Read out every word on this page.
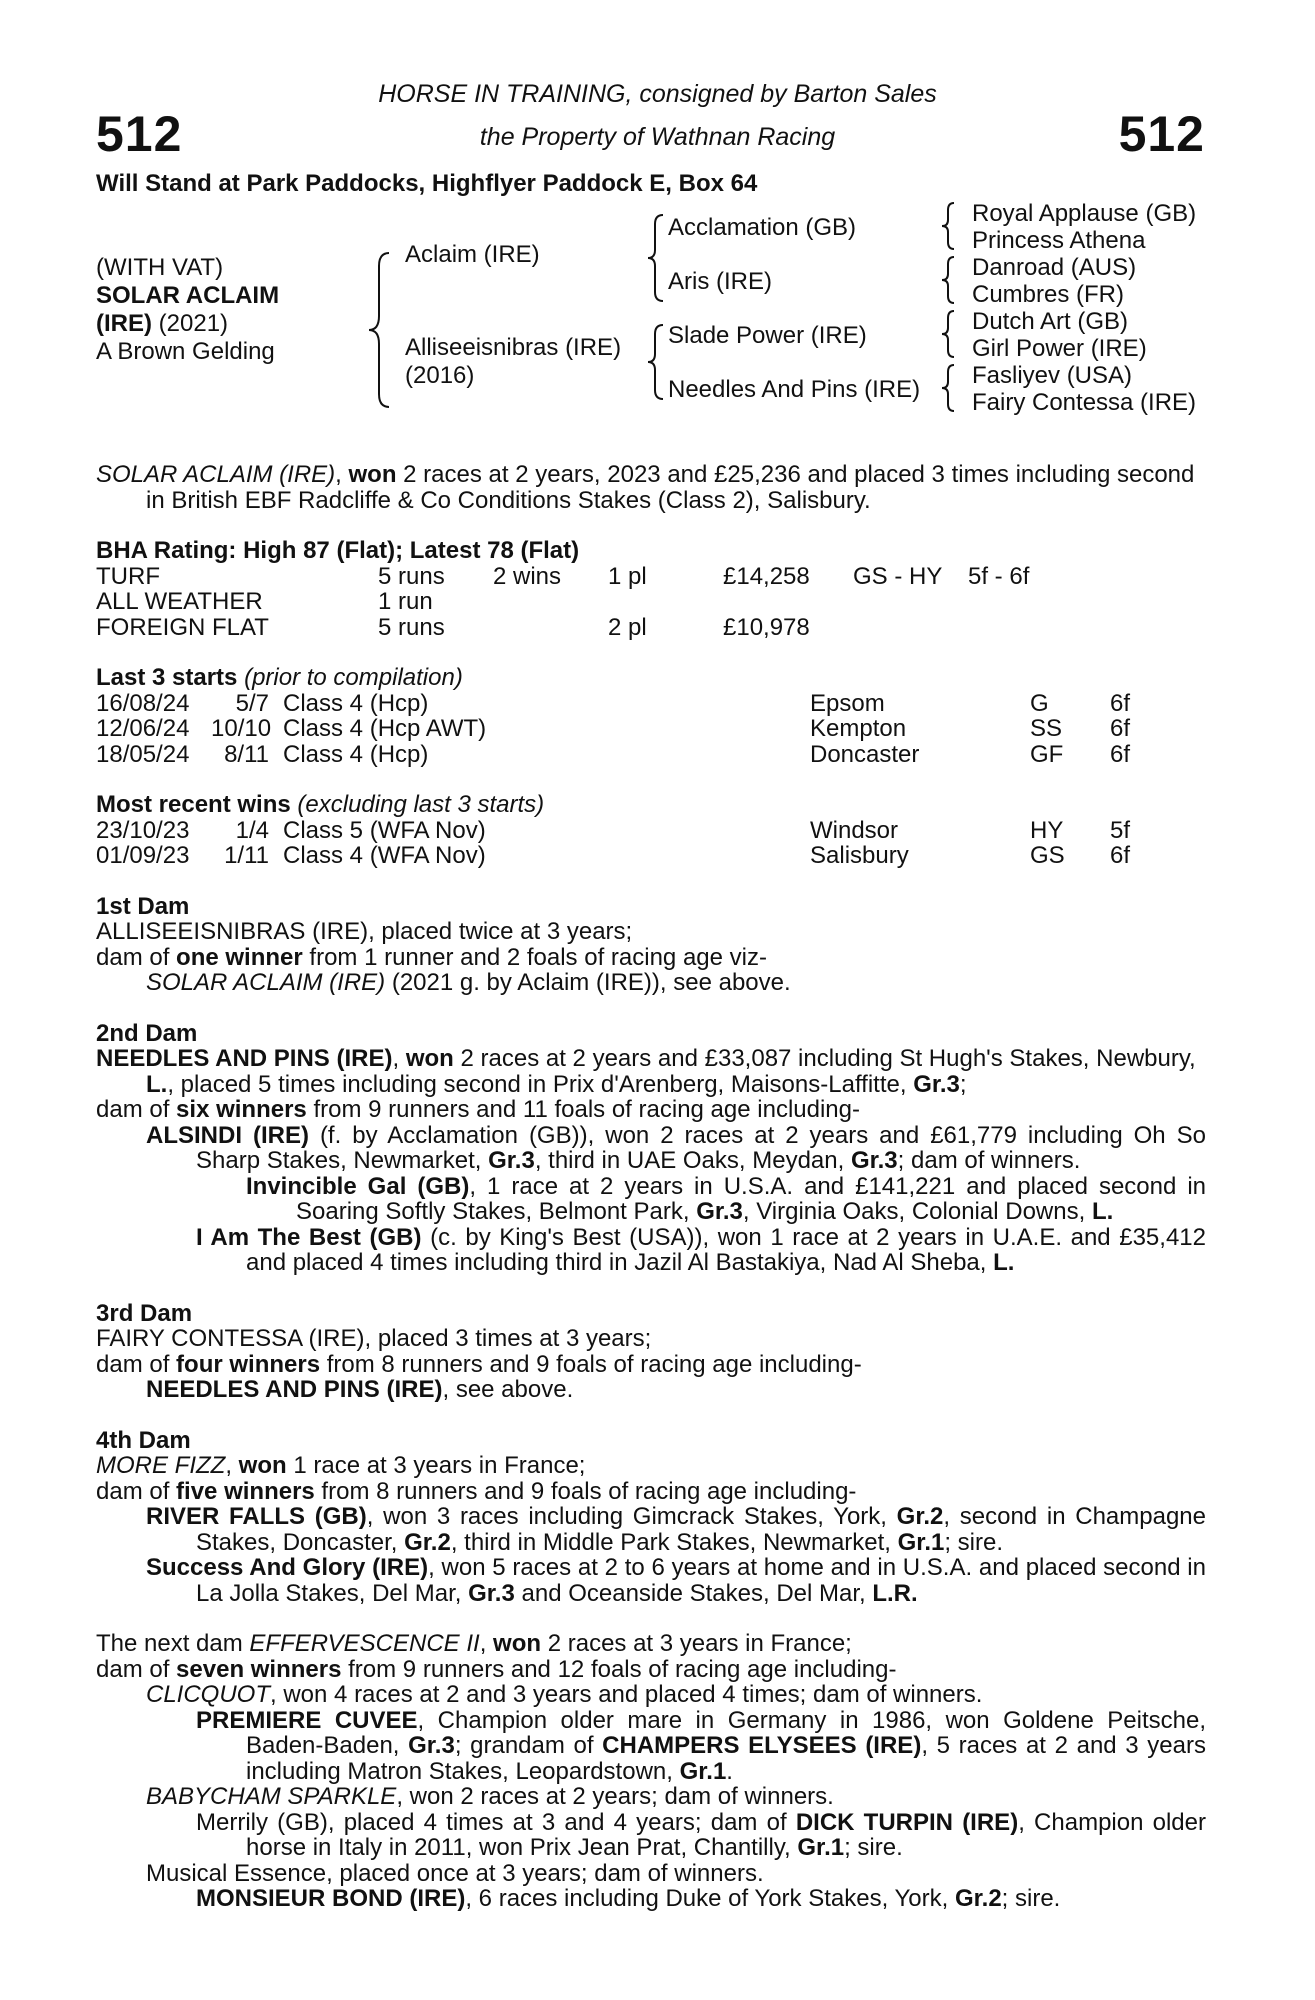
512	512
HORSE IN TRAINING, consigned by Barton Sales
the Property of Wathnan Racing
Will Stand at Park Paddocks, Highflyer Paddock E, Box 64
(WITH VAT)
SOLAR ACLAIM
(IRE) (2021)
A Brown Gelding
Aclaim (IRE)
Alliseeisnibras (IRE)
(2016)
Acclamation (GB)
Aris (IRE)
Slade Power (IRE)
Needles And Pins (IRE)
Royal Applause (GB)
Princess Athena
Danroad (AUS)
Cumbres (FR)
Dutch Art (GB)
Girl Power (IRE)
Fasliyev (USA)
Fairy Contessa (IRE)

SOLAR ACLAIM (IRE), won 2 races at 2 years, 2023 and £25,236 and placed 3 times including second in British EBF Radcliffe & Co Conditions Stakes (Class 2), Salisbury.

BHA Rating: High 87 (Flat); Latest 78 (Flat)

TURF	5 runs	2 wins	1 pl	£14,258	GS - HY	5f - 6f
ALL WEATHER	1 run
FOREIGN FLAT	5 runs	2 pl	£10,978

Last 3 starts (prior to compilation)

16/08/24	5/7 Class 4 (Hcp)	Epsom	G	6f
12/06/24 10/10 Class 4 (Hcp AWT)	Kempton	SS	6f
18/05/24	8/11 Class 4 (Hcp)	Doncaster	GF	6f

Most recent wins (excluding last 3 starts)

23/10/23	1/4 Class 5 (WFA Nov)	Windsor	HY	5f
01/09/23	1/11 Class 4 (WFA Nov)	Salisbury	GS	6f

1st Dam

ALLISEEISNIBRAS (IRE), placed twice at 3 years;

dam of one winner from 1 runner and 2 foals of racing age viz-

SOLAR ACLAIM (IRE) (2021 g. by Aclaim (IRE)), see above.

2nd Dam

NEEDLES AND PINS (IRE), won 2 races at 2 years and £33,087 including St Hugh's Stakes, Newbury, L., placed 5 times including second in Prix d'Arenberg, Maisons-Laffitte, Gr.3;

dam of six winners from 9 runners and 11 foals of racing age including-

ALSINDI (IRE) (f. by Acclamation (GB)), won 2 races at 2 years and £61,779 including Oh So Sharp Stakes, Newmarket, Gr.3, third in UAE Oaks, Meydan, Gr.3; dam of winners.

Invincible Gal (GB), 1 race at 2 years in U.S.A. and £141,221 and placed second in Soaring Softly Stakes, Belmont Park, Gr.3, Virginia Oaks, Colonial Downs, L.

I Am The Best (GB) (c. by King's Best (USA)), won 1 race at 2 years in U.A.E. and £35,412 and placed 4 times including third in Jazil Al Bastakiya, Nad Al Sheba, L.

3rd Dam

FAIRY CONTESSA (IRE), placed 3 times at 3 years;

dam of four winners from 8 runners and 9 foals of racing age including-

NEEDLES AND PINS (IRE), see above.

4th Dam

MORE FIZZ, won 1 race at 3 years in France;

dam of five winners from 8 runners and 9 foals of racing age including-

RIVER FALLS (GB), won 3 races including Gimcrack Stakes, York, Gr.2, second in Champagne Stakes, Doncaster, Gr.2, third in Middle Park Stakes, Newmarket, Gr.1; sire.

Success And Glory (IRE), won 5 races at 2 to 6 years at home and in U.S.A. and placed second in La Jolla Stakes, Del Mar, Gr.3 and Oceanside Stakes, Del Mar, L.R.

The next dam EFFERVESCENCE II, won 2 races at 3 years in France;

dam of seven winners from 9 runners and 12 foals of racing age including-

CLICQUOT, won 4 races at 2 and 3 years and placed 4 times; dam of winners.

PREMIERE CUVEE, Champion older mare in Germany in 1986, won Goldene Peitsche, Baden-Baden, Gr.3; grandam of CHAMPERS ELYSEES (IRE), 5 races at 2 and 3 years including Matron Stakes, Leopardstown, Gr.1.

BABYCHAM SPARKLE, won 2 races at 2 years; dam of winners.

Merrily (GB), placed 4 times at 3 and 4 years; dam of DICK TURPIN (IRE), Champion older horse in Italy in 2011, won Prix Jean Prat, Chantilly, Gr.1; sire.

Musical Essence, placed once at 3 years; dam of winners.

MONSIEUR BOND (IRE), 6 races including Duke of York Stakes, York, Gr.2; sire.
